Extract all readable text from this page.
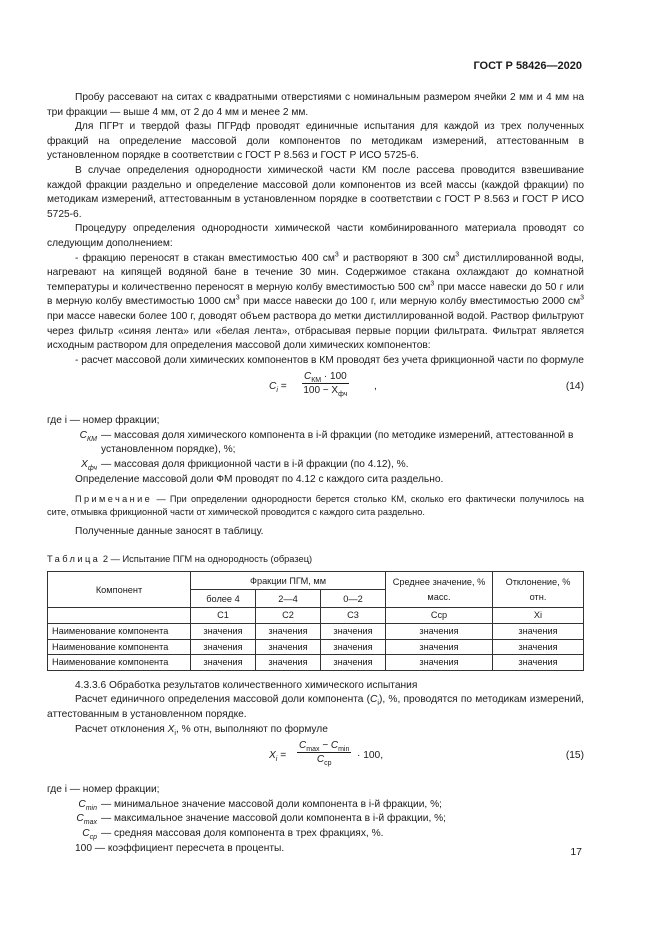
ГОСТ Р 58426—2020

Пробу рассевают на ситах с квадратными отверстиями с номинальным размером ячейки 2 мм и 4 мм на три фракции — выше 4 мм, от 2 до 4 мм и менее 2 мм.

Для ПГРт и твердой фазы ПГРдф проводят единичные испытания для каждой из трех полученных фракций на определение массовой доли компонентов по методикам измерений, аттестованным в установленном порядке в соответствии с ГОСТ Р 8.563 и ГОСТ Р ИСО 5725-6.

В случае определения однородности химической части КМ после рассева проводится взвешивание каждой фракции раздельно и определение массовой доли компонентов из всей массы (каждой фракции) по методикам измерений, аттестованным в установленном порядке в соответствии с ГОСТ Р 8.563 и ГОСТ Р ИСО 5725-6.

Процедуру определения однородности химической части комбинированного материала проводят со следующим дополнением:

- фракцию переносят в стакан вместимостью 400 $см^3$ и растворяют в 300 $см^3$ дистиллированной воды, нагревают на кипящей водяной бане в течение 30 мин. Содержимое стакана охлаждают до комнатной температуры и количественно переносят в мерную колбу вместимостью 500 $см^3$ при массе навески до 50 г или в мерную колбу вместимостью 1000 $см^3$ при массе навески до 100 г, или мерную колбу вместимостью 2000 $см^3$ при массе навески более 100 г, доводят объем раствора до метки дистиллированной водой. Раствор фильтруют через фильтр «синяя лента» или «белая лента», отбрасывая первые порции фильтрата. Фильтрат является исходным раствором для определения массовой доли химических компонентов:

- расчет массовой доли химических компонентов в КМ проводят без учета фрикционной части по формуле

$C_i$ =
$C_{КМ} \cdot 100$
$100 - X_{фч}$
,	(14)

где i — номер фракции;

$C_{КМ}$ — массовая доля химического компонента в i-й фракции (по методике измерений, аттестованной в установленном порядке), %;
$X_{фч}$ — массовая доля фрикционной части в i-й фракции (по 4.12), %.

Определение массовой доли ФМ проводят по 4.12 с каждого сита раздельно.

Примечание — При определении однородности берется столько КМ, сколько его фактически получилось на сите, отмывка фрикционной части от химической проводится с каждого сита раздельно.

Полученные данные заносят в таблицу.

Таблица 2 — Испытание ПГМ на однородность (образец)
Компонент	Фракции ПГМ, мм			Среднее значение, % масс.	Отклонение, % отн.
	более 4	2—4	0—2		
	C1	C2	C3	Cср	Xi
Наименование компонента	значения	значения	значения	значения	значения
Наименование компонента	значения	значения	значения	значения	значения
Наименование компонента	значения	значения	значения	значения	значения

4.3.3.6 Обработка результатов количественного химического испытания

Расчет единичного определения массовой доли компонента $(C_i)$, %, проводятся по методикам измерений, аттестованным в установленном порядке.

Расчет отклонения $X_i$, % отн, выполняют по формуле

$X_i$ =
$C_{max} - C_{min}$
$C_{ср}$
· 100,	(15)

где i — номер фракции;

$C_{min}$ — минимальное значение массовой доли компонента в i-й фракции, %;
$C_{max}$ — максимальное значение массовой доли компонента в i-й фракции, %;
$C_{ср}$ — средняя массовая доля компонента в трех фракциях, %.

100 — коэффициент пересчета в проценты.	17
